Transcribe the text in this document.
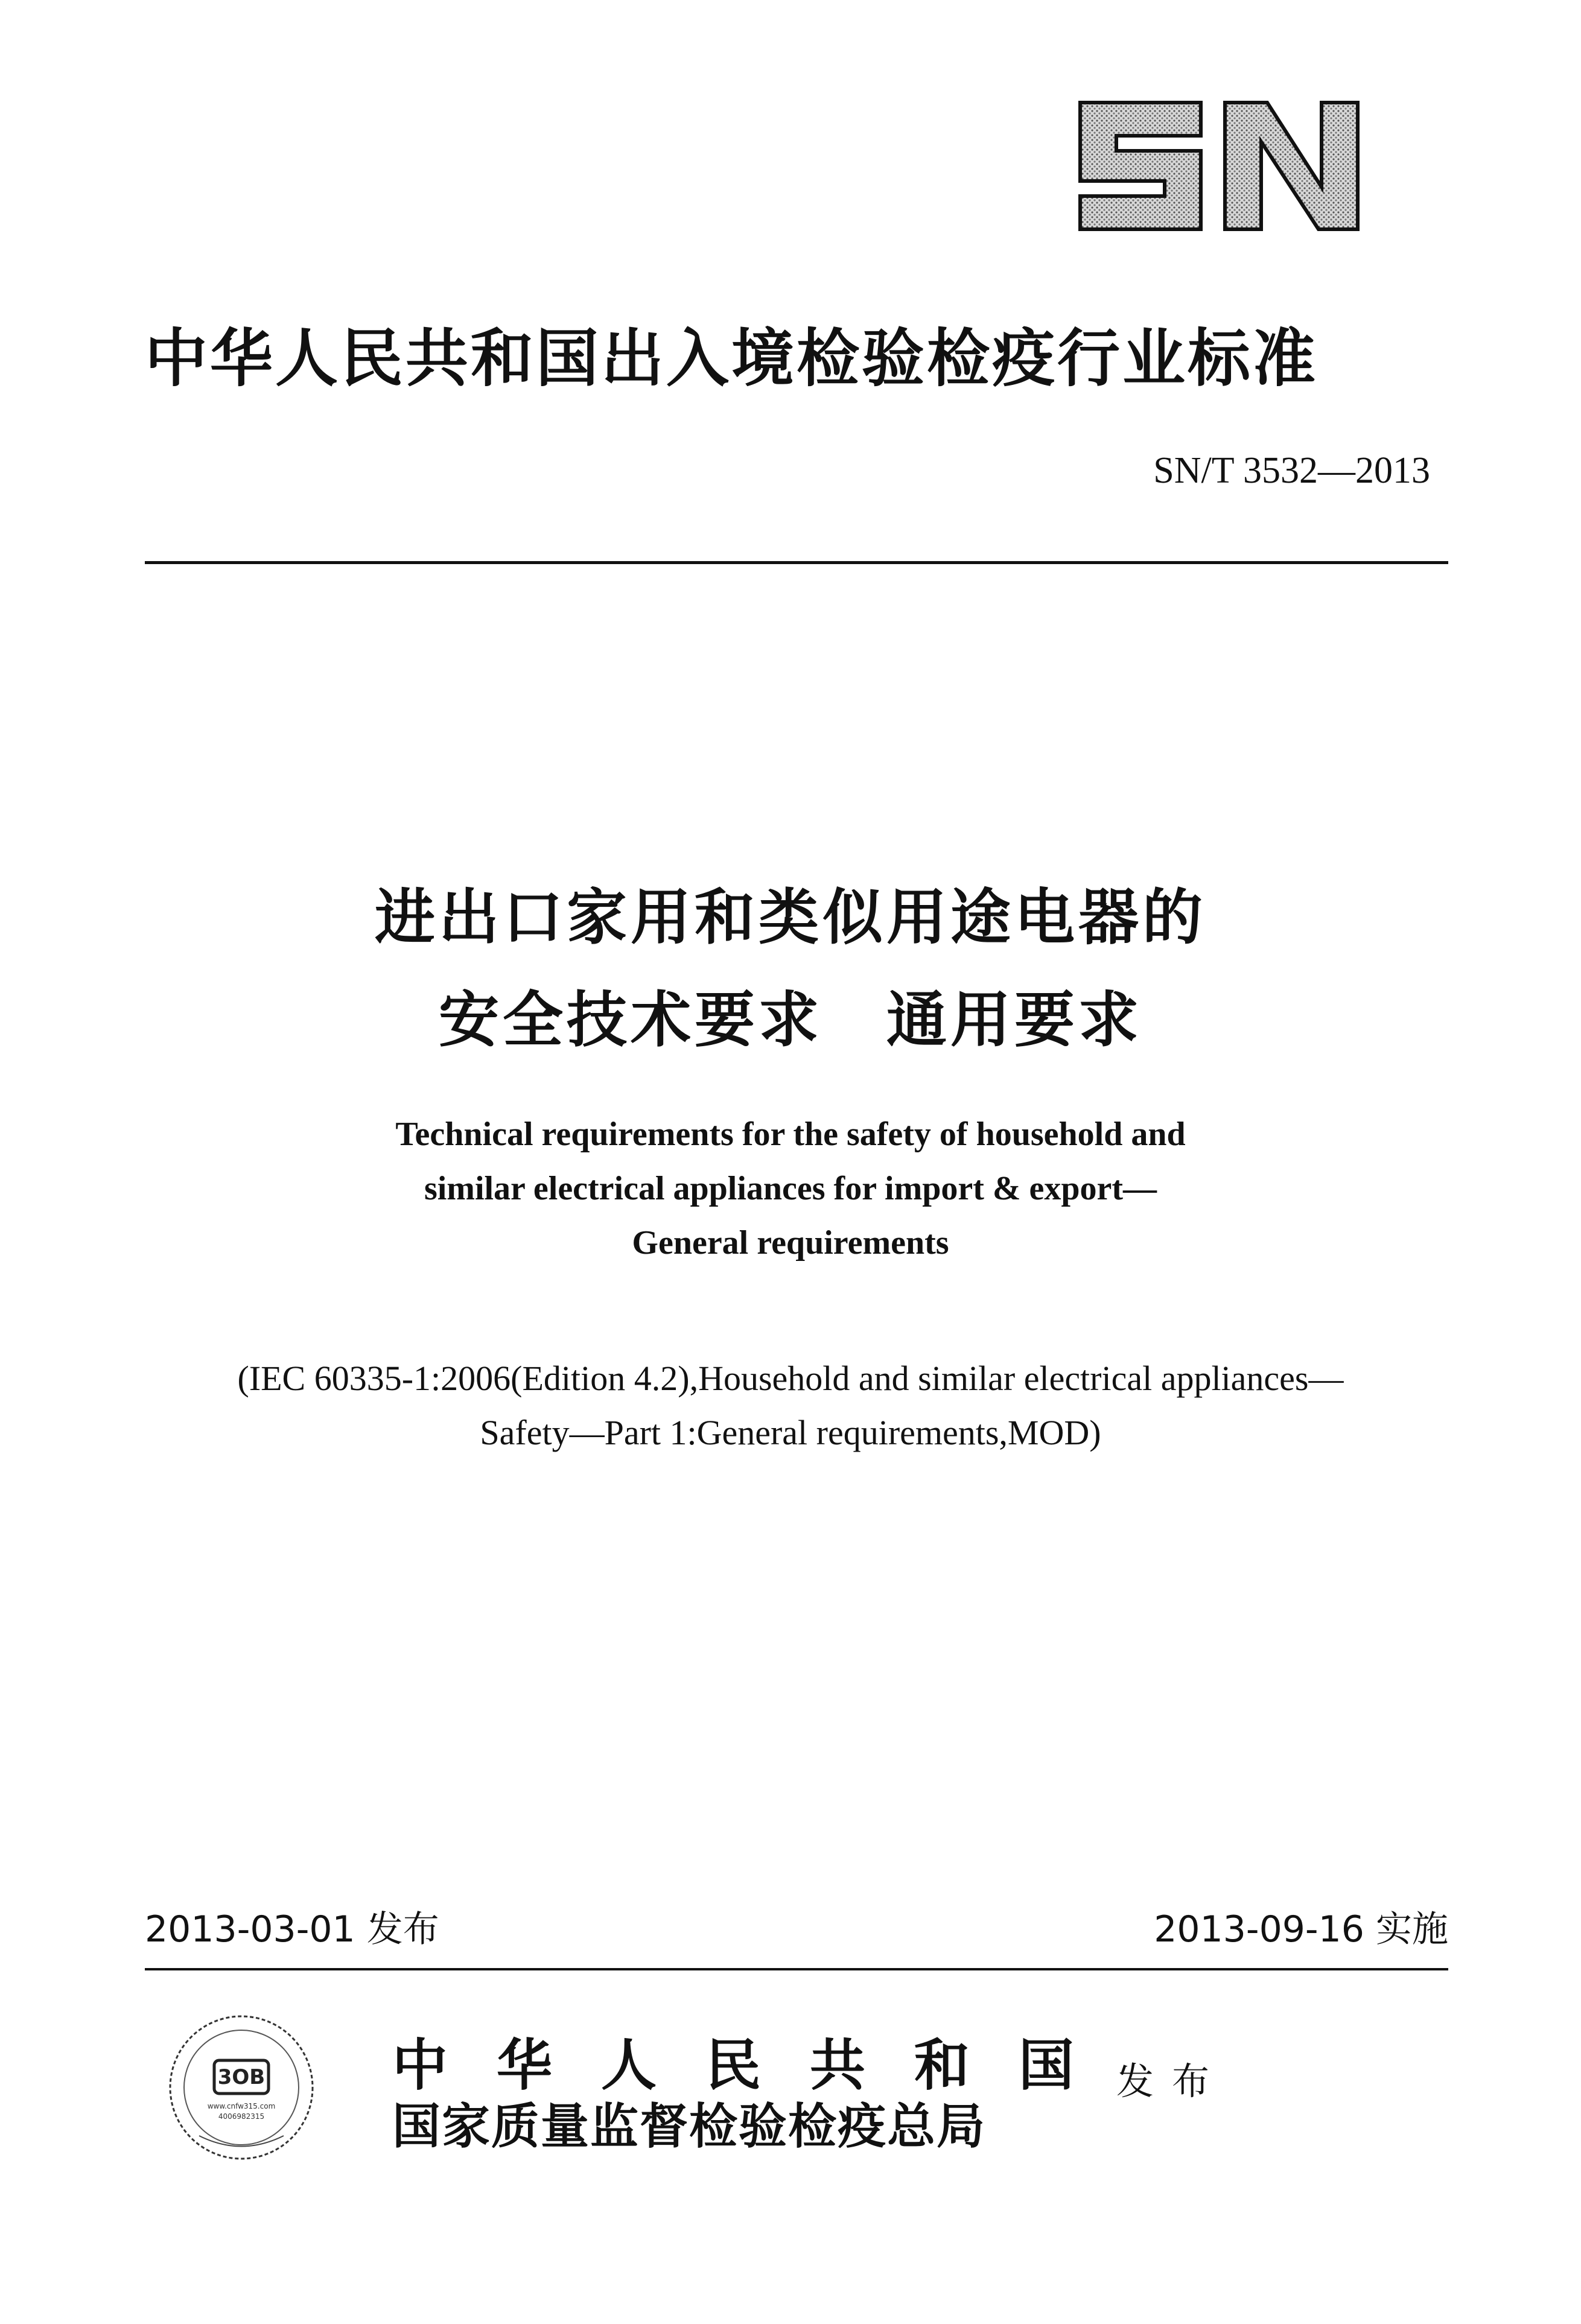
中华人民共和国出入境检验检疫行业标准
SN/T 3532—2013
进出口家用和类似用途电器的
安全技术要求　通用要求
Technical requirements for the safety of household and
similar electrical appliances for import & export—
General requirements
(IEC 60335-1:2006(Edition 4.2),Household and similar electrical appliances—
Safety—Part 1:General requirements,MOD)
2013-03-01 发布	2013-09-16 实施
3OB
www.cnfw315.com
4006982315
中 华 人 民 共 和 国
国家质量监督检验检疫总局
发布
